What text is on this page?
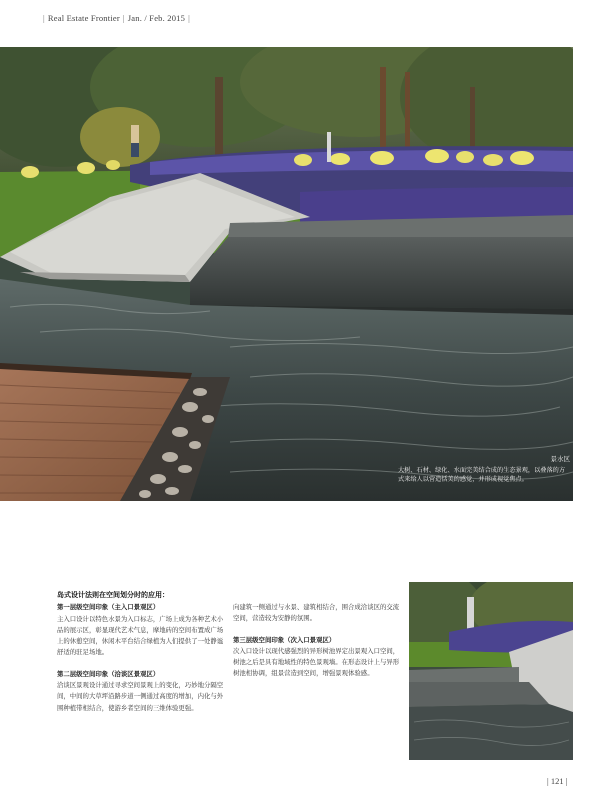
| Real Estate Frontier | Jan. / Feb. 2015 |
景水区
大树、石材、绿化、水面完美结合成的生态景观，以叠落的方式来给人以营造恬美的感觉，并形成视觉焦点。
岛式设计法则在空间划分时的应用：
第一层级空间印象（主入口景观区）

主入口设计以特色水景为入口标志，广场上成为各种艺术小品的展示区，彰显现代艺术气息，摩地砖的空间布置成广场上的休憩空间，休闲木平台结合绿植为人们提供了一处静谧舒适的驻足场地。

第二层级空间印象（洽谈区景观区）

洽谈区景观设计通过寻求空间景观上的变化，巧妙地分隔空间，中间的大草坪沿路步道一侧通过高度的增加，内化与外围种植带相结合，使游乡者空间的三维体验更强。

向建筑一侧通过与水景、建筑相结合，围合成洽谈区的交流空间，营造较为安静的氛围。

第三层级空间印象（次入口景观区）

次入口设计以现代感强烈的异形树池界定出景观入口空间，树池之后是具有地域性的特色景观墙。在形态设计上与异形树池相协调，组景营造到空间，增强景观体验感。

| 121 |
